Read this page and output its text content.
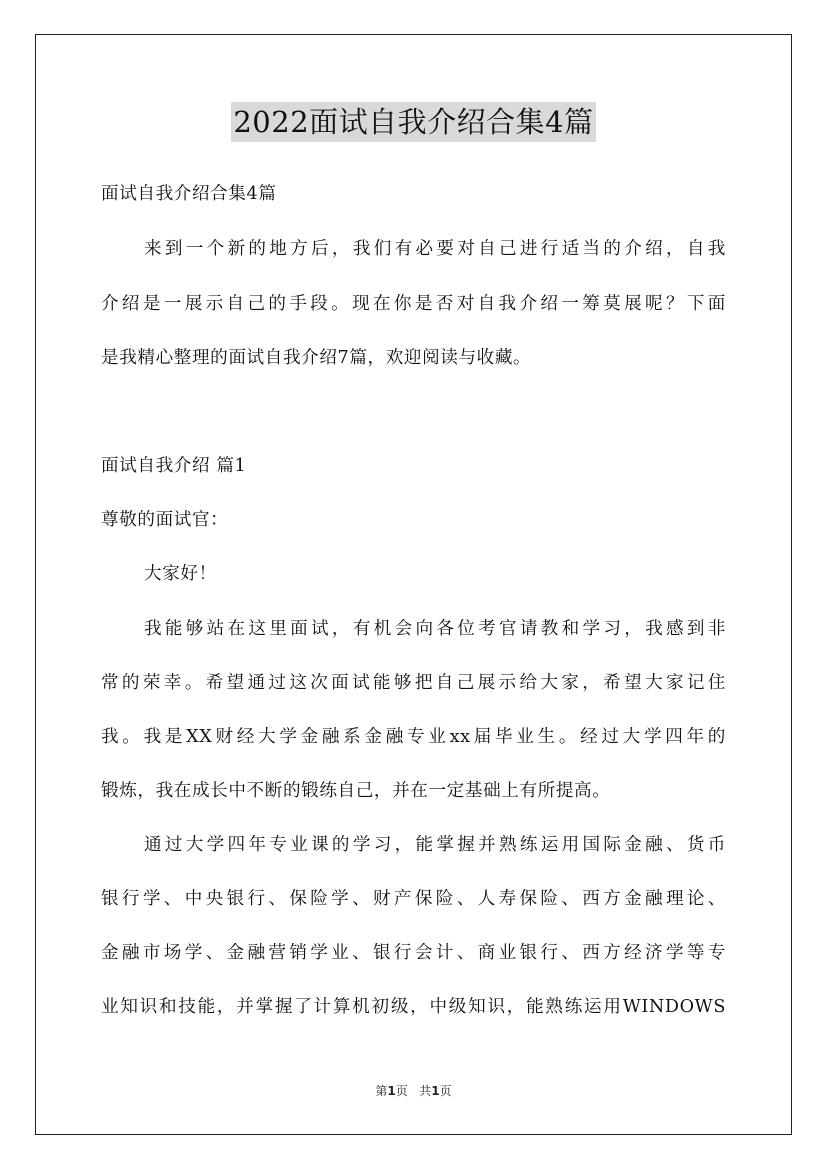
2022面试自我介绍合集4篇
面试自我介绍合集4篇
来到一个新的地方后，我们有必要对自己进行适当的介绍，自我
介绍是一展示自己的手段。现在你是否对自我介绍一筹莫展呢？下面
是我精心整理的面试自我介绍7篇，欢迎阅读与收藏。
面试自我介绍 篇1
尊敬的面试官：
大家好！
我能够站在这里面试，有机会向各位考官请教和学习，我感到非
常的荣幸。希望通过这次面试能够把自己展示给大家，希望大家记住
我。我是XX财经大学金融系金融专业xx届毕业生。经过大学四年的
锻炼，我在成长中不断的锻练自己，并在一定基础上有所提高。
通过大学四年专业课的学习，能掌握并熟练运用国际金融、货币
银行学、中央银行、保险学、财产保险、人寿保险、西方金融理论、
金融市场学、金融营销学业、银行会计、商业银行、西方经济学等专
业知识和技能，并掌握了计算机初级，中级知识，能熟练运用WINDOWS
第1页 共1页
